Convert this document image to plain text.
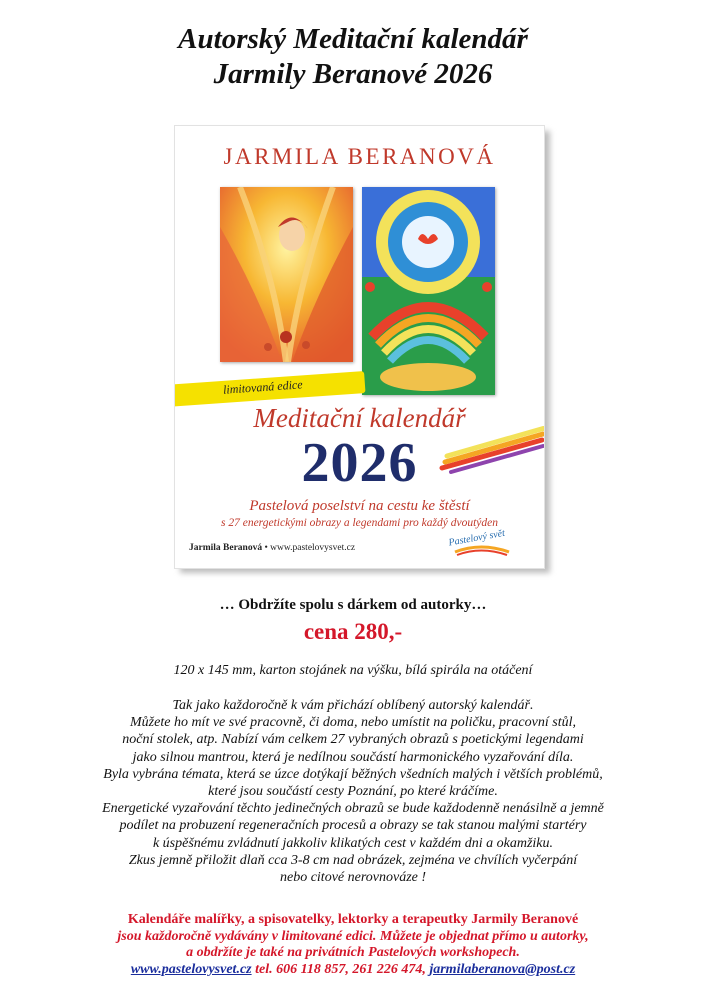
Autorský Meditační kalendář
Jarmily Beranové 2026
JARMILA BERANOVÁ
limitovaná edice
Meditační kalendář
2026
Pastelová poselství na cestu ke štěstí
s 27 energetickými obrazy a legendami pro každý dvoutýden
Jarmila Beranová • www.pastelovysvet.cz	Pastelový svět
… Obdržíte spolu s dárkem od autorky…
cena 280,-
120 x 145 mm, karton stojánek na výšku, bílá spirála na otáčení
Tak jako každoročně k vám přichází oblíbený autorský kalendář.
Můžete ho mít ve své pracovně, či doma, nebo umístit na poličku, pracovní stůl,
noční stolek, atp. Nabízí vám celkem 27 vybraných obrazů s poetickými legendami
jako silnou mantrou, která je nedílnou součástí harmonického vyzařování díla.
Byla vybrána témata, která se úzce dotýkají běžných všedních malých i větších problémů,
které jsou součástí cesty Poznání, po které kráčíme.
Energetické vyzařování těchto jedinečných obrazů se bude každodenně nenásilně a jemně
podílet na probuzení regeneračních procesů a obrazy se tak stanou malými startéry
k úspěšnému zvládnutí jakkoliv klikatých cest v každém dni a okamžiku.
Zkus jemně přiložit dlaň cca 3-8 cm nad obrázek, zejména ve chvílích vyčerpání
nebo citové nerovnováze !
Kalendáře malířky, a spisovatelky, lektorky a terapeutky Jarmily Beranové
jsou každoročně vydávány v limitované edici. Můžete je objednat přímo u autorky,
a obdržíte je také na privátních Pastelových workshopech.
www.pastelovysvet.cz tel. 606 118 857, 261 226 474, jarmilaberanova@post.cz
